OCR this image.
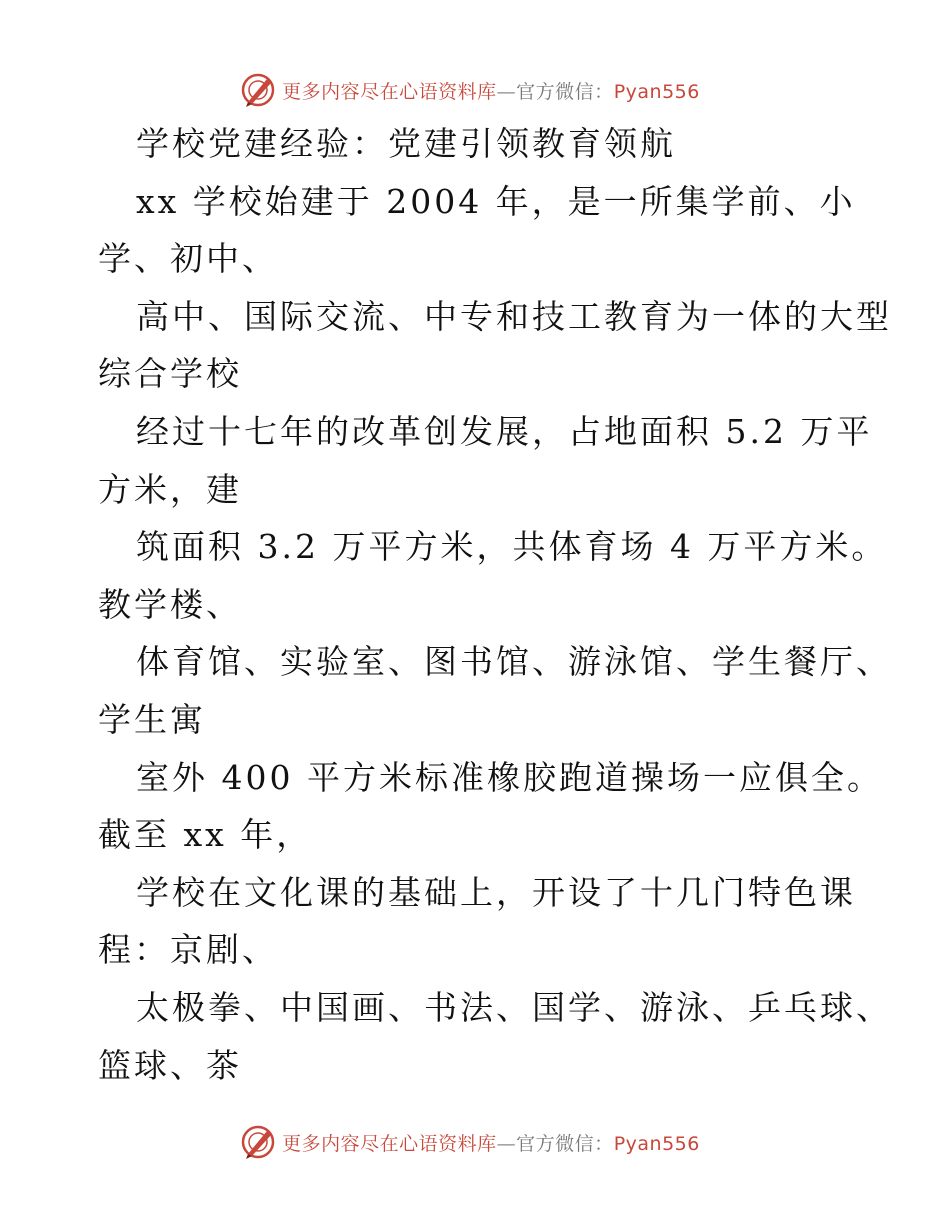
更多内容尽在心语资料库—官方微信：Pyan556
学校党建经验：党建引领教育领航
xx 学校始建于 2004 年，是一所集学前、小
学、初中、
高中、国际交流、中专和技工教育为一体的大型
综合学校
经过十七年的改革创发展，占地面积 5.2 万平
方米，建
筑面积 3.2 万平方米，共体育场 4 万平方米。
教学楼、
体育馆、实验室、图书馆、游泳馆、学生餐厅、
学生寓
室外 400 平方米标准橡胶跑道操场一应俱全。
截至 xx 年，
学校在文化课的基础上，开设了十几门特色课
程：京剧、
太极拳、中国画、书法、国学、游泳、乒乓球、
篮球、茶
更多内容尽在心语资料库—官方微信：Pyan556
